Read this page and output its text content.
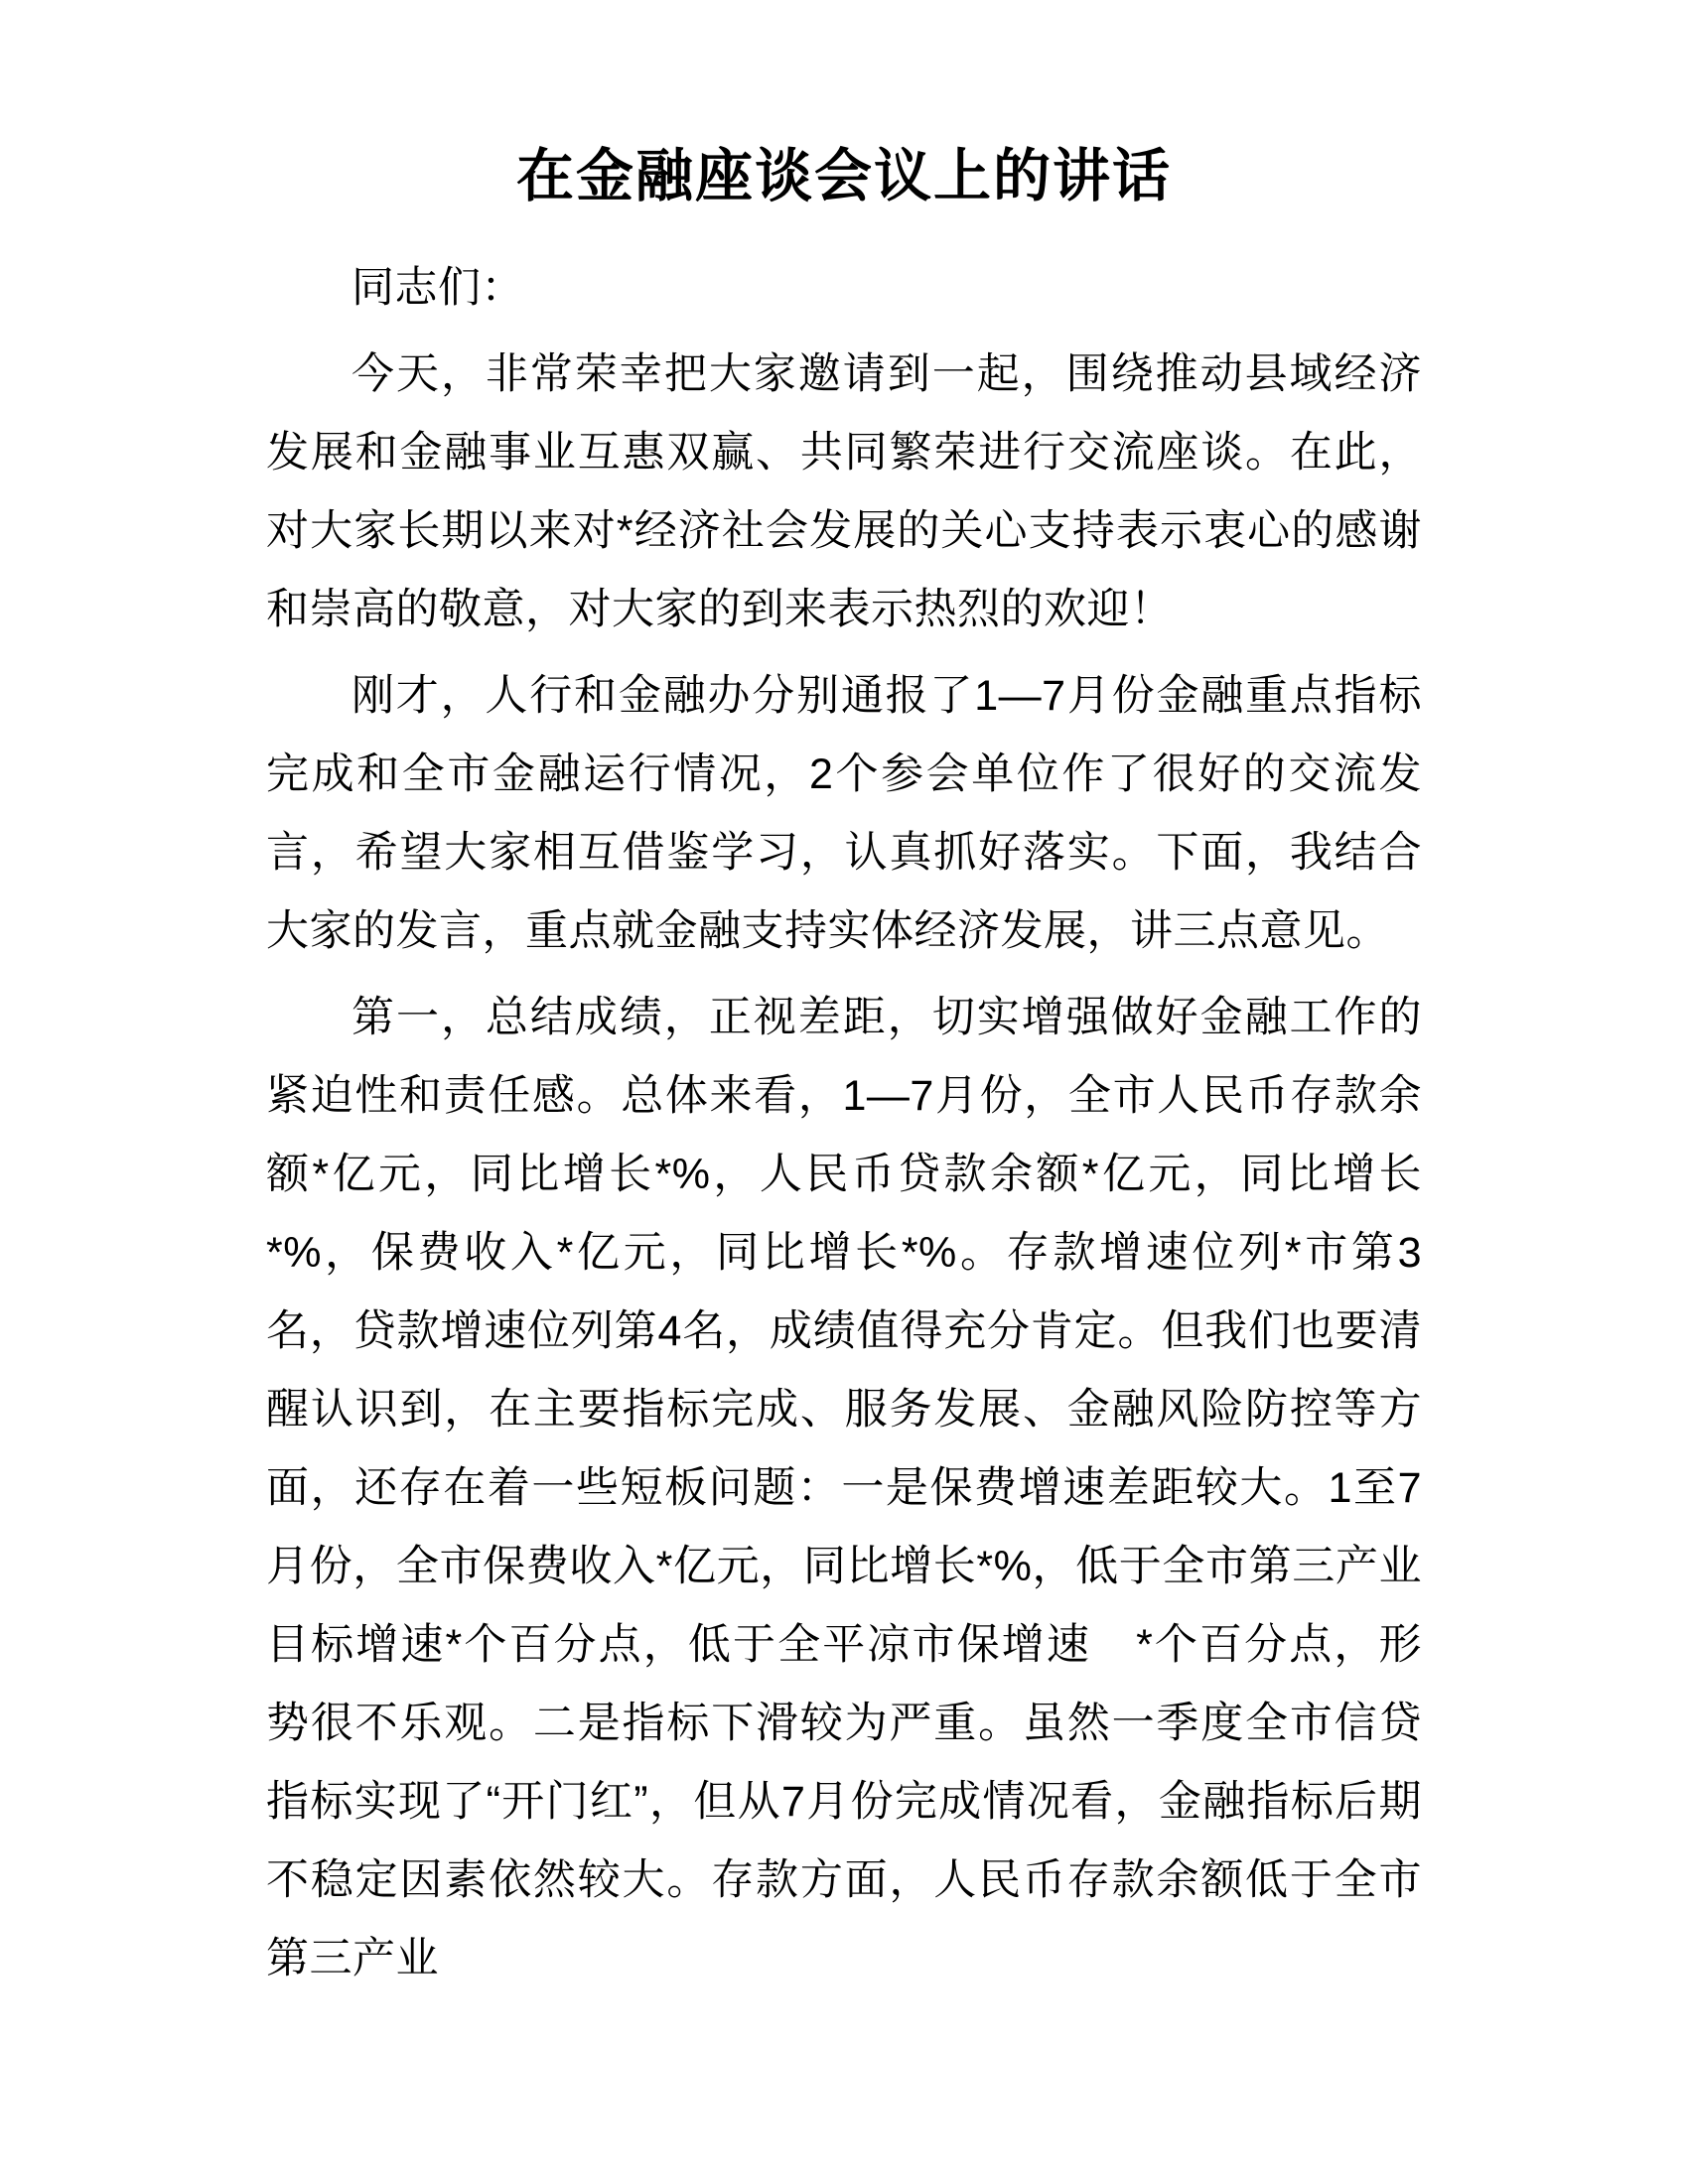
在金融座谈会议上的讲话

同志们：

今天，非常荣幸把大家邀请到一起，围绕推动县域经济发展和金融事业互惠双赢、共同繁荣进行交流座谈。在此，对大家长期以来对*经济社会发展的关心支持表示衷心的感谢和崇高的敬意，对大家的到来表示热烈的欢迎！

刚才，人行和金融办分别通报了1—7月份金融重点指标完成和全市金融运行情况，2个参会单位作了很好的交流发言，希望大家相互借鉴学习，认真抓好落实。下面，我结合大家的发言，重点就金融支持实体经济发展，讲三点意见。

第一，总结成绩，正视差距，切实增强做好金融工作的紧迫性和责任感。总体来看，1—7月份，全市人民币存款余额*亿元，同比增长*%，人民币贷款余额*亿元，同比增长*%，保费收入*亿元，同比增长*%。存款增速位列*市第3名，贷款增速位列第4名，成绩值得充分肯定。但我们也要清醒认识到，在主要指标完成、服务发展、金融风险防控等方面，还存在着一些短板问题：一是保费增速差距较大。1至7月份，全市保费收入*亿元，同比增长*%，低于全市第三产业目标增速*个百分点，低于全平凉市保增速　*个百分点，形势很不乐观。二是指标下滑较为严重。虽然一季度全市信贷指标实现了“开门红”，但从7月份完成情况看，金融指标后期不稳定因素依然较大。存款方面，人民币存款余额低于全市第三产业
